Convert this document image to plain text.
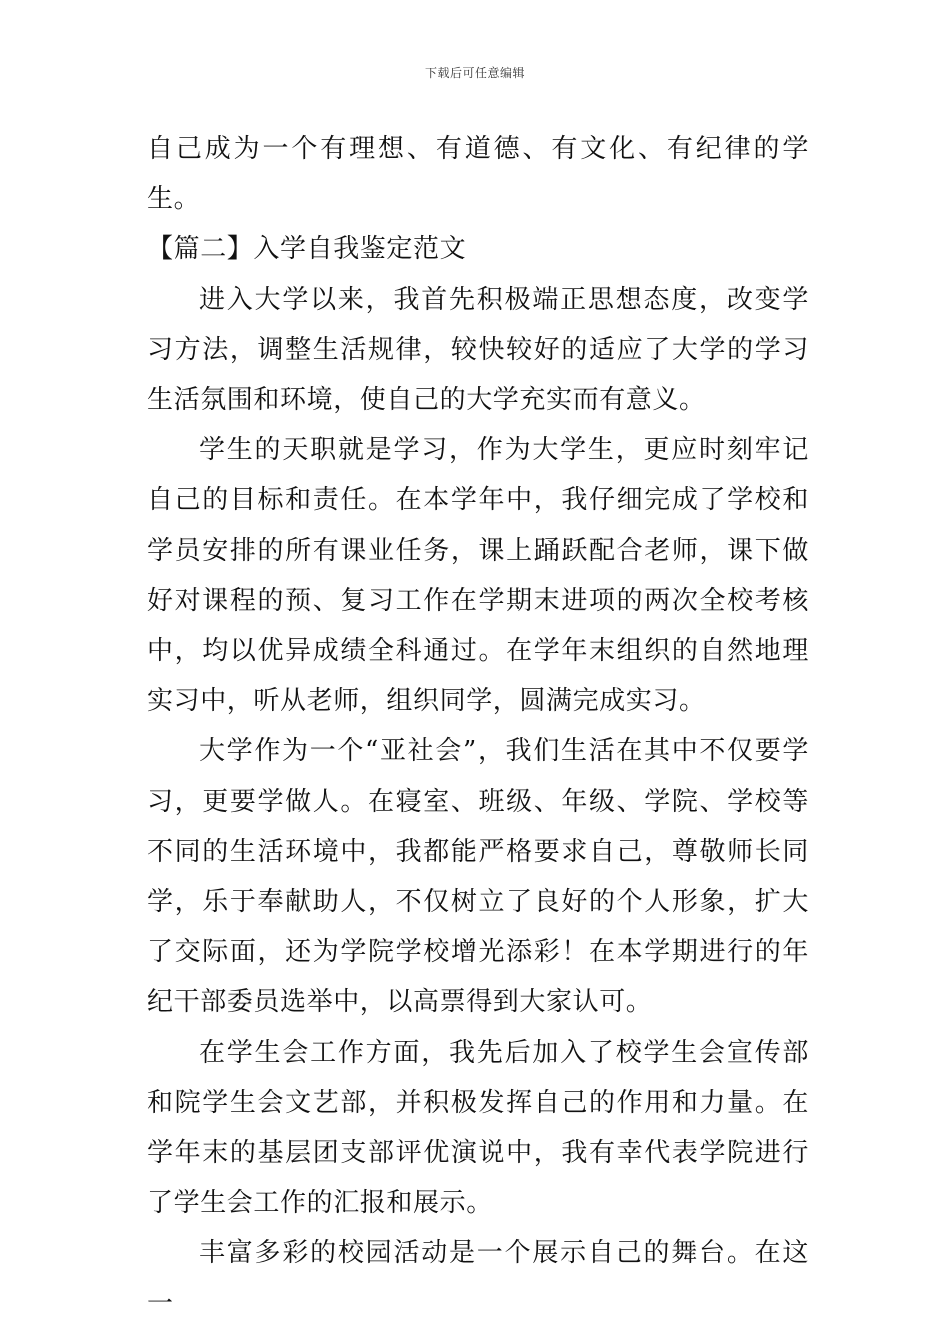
下载后可任意编辑

自己成为一个有理想、有道德、有文化、有纪律的学生。

【篇二】入学自我鉴定范文

进入大学以来，我首先积极端正思想态度，改变学习方法，调整生活规律，较快较好的适应了大学的学习生活氛围和环境，使自己的大学充实而有意义。

学生的天职就是学习，作为大学生，更应时刻牢记自己的目标和责任。在本学年中，我仔细完成了学校和学员安排的所有课业任务，课上踊跃配合老师，课下做好对课程的预、复习工作在学期末进项的两次全校考核中，均以优异成绩全科通过。在学年末组织的自然地理实习中，听从老师，组织同学，圆满完成实习。

大学作为一个“亚社会”，我们生活在其中不仅要学习，更要学做人。在寝室、班级、年级、学院、学校等不同的生活环境中，我都能严格要求自己，尊敬师长同学，乐于奉献助人，不仅树立了良好的个人形象，扩大了交际面，还为学院学校增光添彩！在本学期进行的年纪干部委员选举中，以高票得到大家认可。

在学生会工作方面，我先后加入了校学生会宣传部和院学生会文艺部，并积极发挥自己的作用和力量。在学年末的基层团支部评优演说中，我有幸代表学院进行了学生会工作的汇报和展示。

丰富多彩的校园活动是一个展示自己的舞台。在这一
